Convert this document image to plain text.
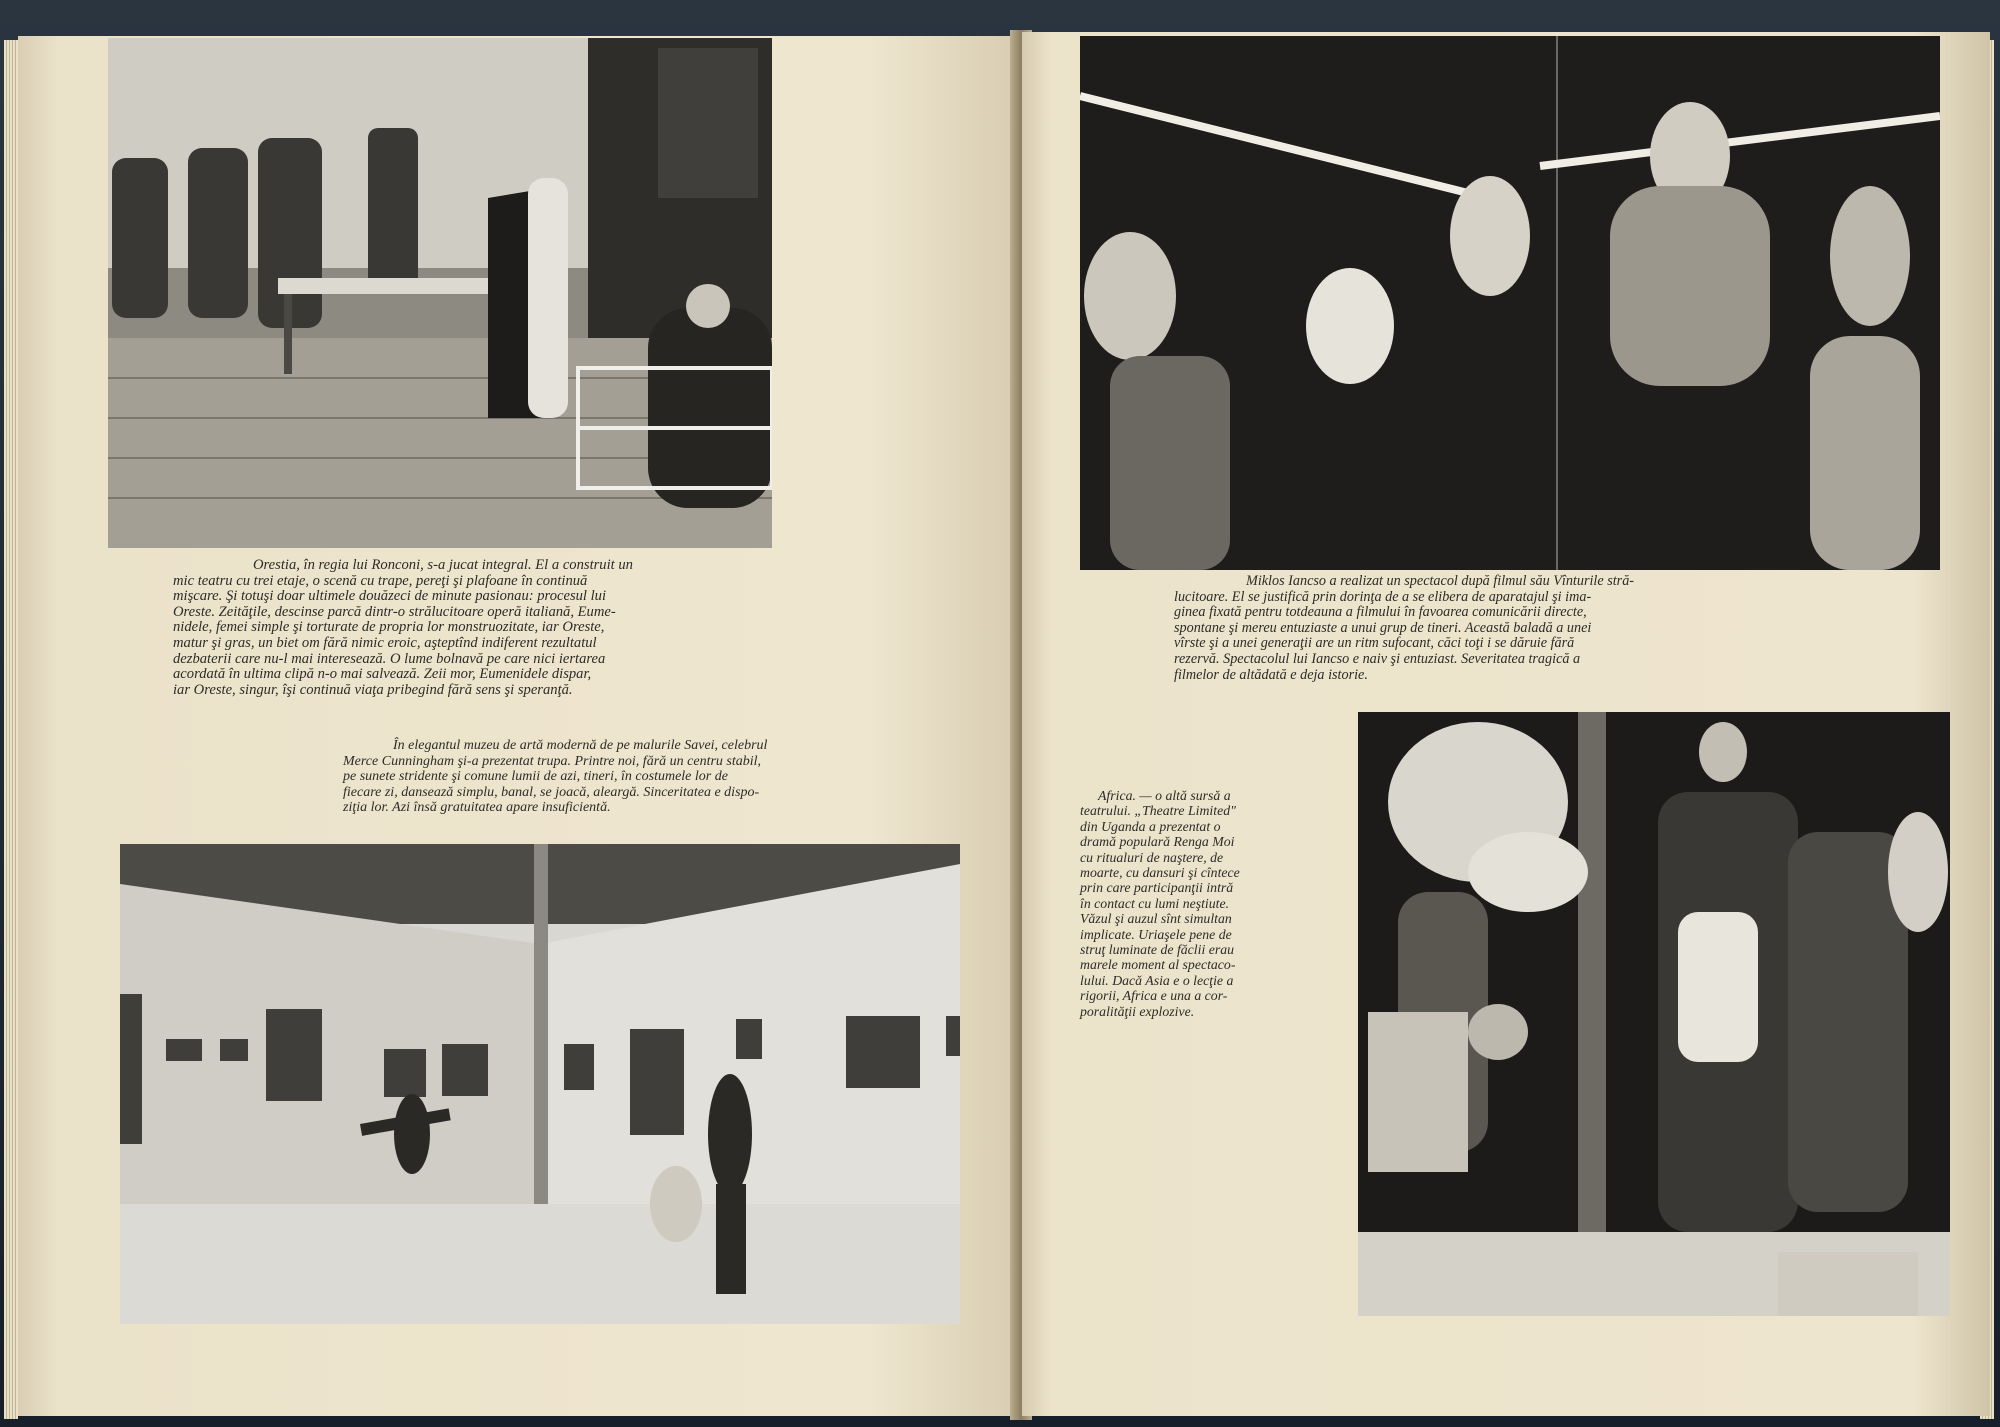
Orestia, în regia lui Ronconi, s-a jucat integral. El a construit un
mic teatru cu trei etaje, o scenă cu trape, pereţi şi plafoane în continuă
mişcare. Şi totuşi doar ultimele douăzeci de minute pasionau: procesul lui
Oreste. Zeităţile, descinse parcă dintr-o strălucitoare operă italiană, Eume-
nidele, femei simple şi torturate de propria lor monstruozitate, iar Oreste,
matur şi gras, un biet om fără nimic eroic, aşteptînd indiferent rezultatul
dezbaterii care nu-l mai interesează. O lume bolnavă pe care nici iertarea
acordată în ultima clipă n-o mai salvează. Zeii mor, Eumenidele dispar,
iar Oreste, singur, îşi continuă viaţa pribegind fără sens şi speranţă.
În elegantul muzeu de artă modernă de pe malurile Savei, celebrul
Merce Cunningham şi-a prezentat trupa. Printre noi, fără un centru stabil,
pe sunete stridente şi comune lumii de azi, tineri, în costumele lor de
fiecare zi, dansează simplu, banal, se joacă, aleargă. Sinceritatea e dispo-
ziţia lor. Azi însă gratuitatea apare insuficientă.
Miklos Iancso a realizat un spectacol după filmul său Vînturile stră-
lucitoare. El se justifică prin dorinţa de a se elibera de aparatajul şi ima-
ginea fixată pentru totdeauna a filmului în favoarea comunicării directe,
spontane şi mereu entuziaste a unui grup de tineri. Această baladă a unei
vîrste şi a unei generaţii are un ritm sufocant, căci toţi i se dăruie fără
rezervă. Spectacolul lui Iancso e naiv şi entuziast. Severitatea tragică a
filmelor de altădată e deja istorie.
Africa. — o altă sursă a
teatrului. „Theatre Limited"
din Uganda a prezentat o
dramă populară Renga Moi
cu ritualuri de naştere, de
moarte, cu dansuri şi cîntece
prin care participanţii intră
în contact cu lumi neştiute.
Văzul şi auzul sînt simultan
implicate. Uriaşele pene de
struţ luminate de făclii erau
marele moment al spectaco-
lului. Dacă Asia e o lecţie a
rigorii, Africa e una a cor-
poralităţii explozive.
